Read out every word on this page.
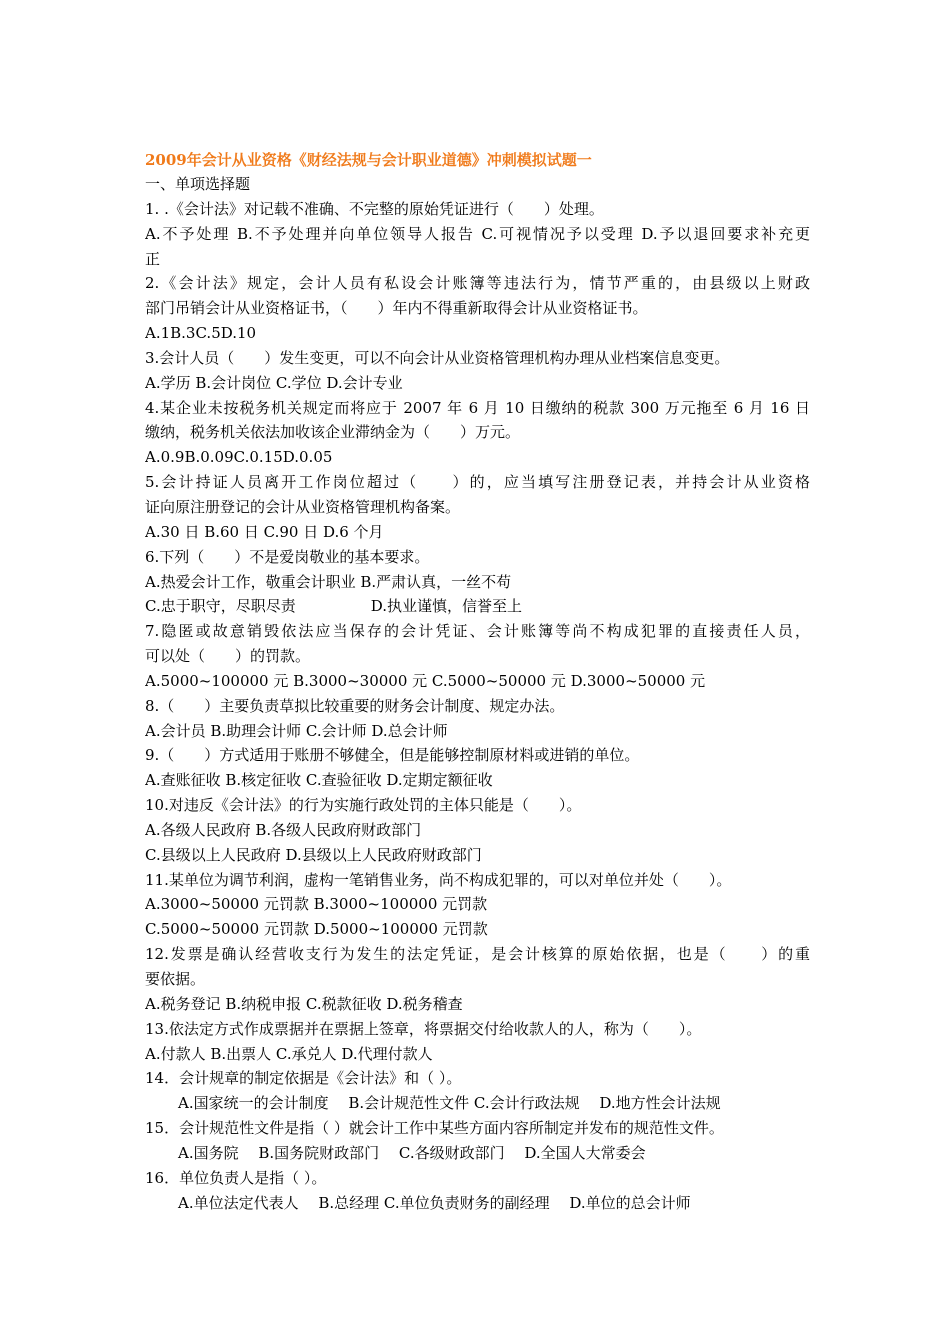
2009年会计从业资格《财经法规与会计职业道德》冲刺模拟试题一
一、单项选择题
1. .《会计法》对记载不准确、不完整的原始凭证进行（　　）处理。
A.不予处理 B.不予处理并向单位领导人报告 C.可视情况予以受理 D.予以退回要求补充更
正
2.《会计法》规定，会计人员有私设会计账簿等违法行为，情节严重的，由县级以上财政
部门吊销会计从业资格证书，（　　）年内不得重新取得会计从业资格证书。
A.1B.3C.5D.10
3.会计人员（　　）发生变更，可以不向会计从业资格管理机构办理从业档案信息变更。
A.学历 B.会计岗位 C.学位 D.会计专业
4.某企业未按税务机关规定而将应于 2007 年 6 月 10 日缴纳的税款 300 万元拖至 6 月 16 日
缴纳，税务机关依法加收该企业滞纳金为（　　）万元。
A.0.9B.0.09C.0.15D.0.05
5.会计持证人员离开工作岗位超过（　　）的，应当填写注册登记表，并持会计从业资格
证向原注册登记的会计从业资格管理机构备案。
A.30 日 B.60 日 C.90 日 D.6 个月
6.下列（　　）不是爱岗敬业的基本要求。
A.热爱会计工作，敬重会计职业 B.严肃认真，一丝不苟
C.忠于职守，尽职尽责　　　　　D.执业谨慎，信誉至上
7.隐匿或故意销毁依法应当保存的会计凭证、会计账簿等尚不构成犯罪的直接责任人员，
可以处（　　）的罚款。
A.5000~100000 元 B.3000~30000 元 C.5000~50000 元 D.3000~50000 元
8.（　　）主要负责草拟比较重要的财务会计制度、规定办法。
A.会计员 B.助理会计师 C.会计师 D.总会计师
9.（　　）方式适用于账册不够健全，但是能够控制原材料或进销的单位。
A.查账征收 B.核定征收 C.查验征收 D.定期定额征收
10.对违反《会计法》的行为实施行政处罚的主体只能是（　　）。
A.各级人民政府 B.各级人民政府财政部门
C.县级以上人民政府 D.县级以上人民政府财政部门
11.某单位为调节利润，虚构一笔销售业务，尚不构成犯罪的，可以对单位并处（　　）。
A.3000~50000 元罚款 B.3000~100000 元罚款
C.5000~50000 元罚款 D.5000~100000 元罚款
12.发票是确认经营收支行为发生的法定凭证，是会计核算的原始依据，也是（　　）的重
要依据。
A.税务登记 B.纳税申报 C.税款征收 D.税务稽查
13.依法定方式作成票据并在票据上签章，将票据交付给收款人的人，称为（　　）。
A.付款人 B.出票人 C.承兑人 D.代理付款人
14．会计规章的制定依据是《会计法》和（ ）。
A.国家统一的会计制度　 B.会计规范性文件 C.会计行政法规　 D.地方性会计法规
15．会计规范性文件是指（ ）就会计工作中某些方面内容所制定并发布的规范性文件。
A.国务院　 B.国务院财政部门　 C.各级财政部门　 D.全国人大常委会
16．单位负责人是指（ ）。
A.单位法定代表人　 B.总经理 C.单位负责财务的副经理　 D.单位的总会计师
